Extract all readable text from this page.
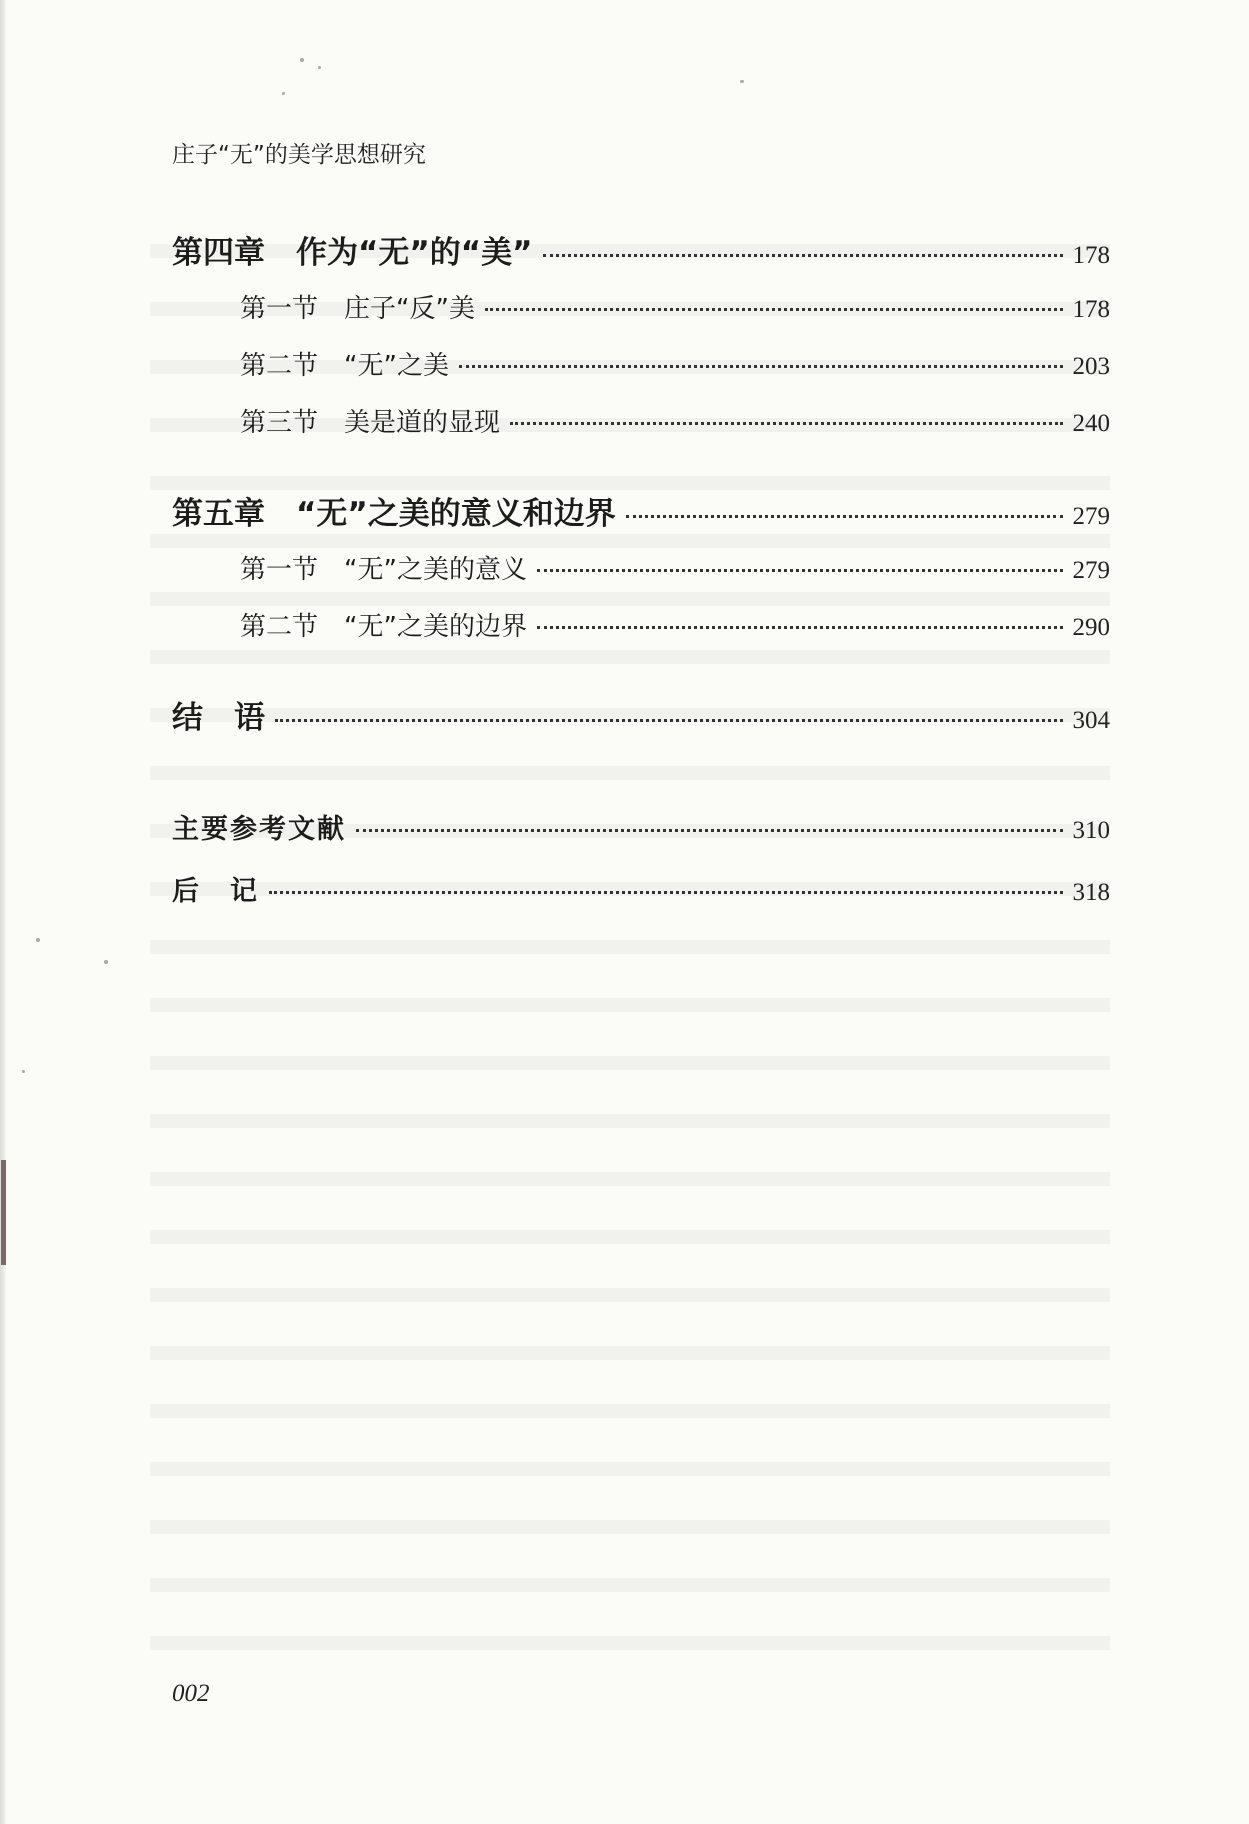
庄子“无”的美学思想研究
第四章　作为“无”的“美”	178
第一节　庄子“反”美	178
第二节　“无”之美	203
第三节　美是道的显现	240
第五章　“无”之美的意义和边界	279
第一节　“无”之美的意义	279
第二节　“无”之美的边界	290
结　语	304
主要参考文献	310
后　记	318
002
